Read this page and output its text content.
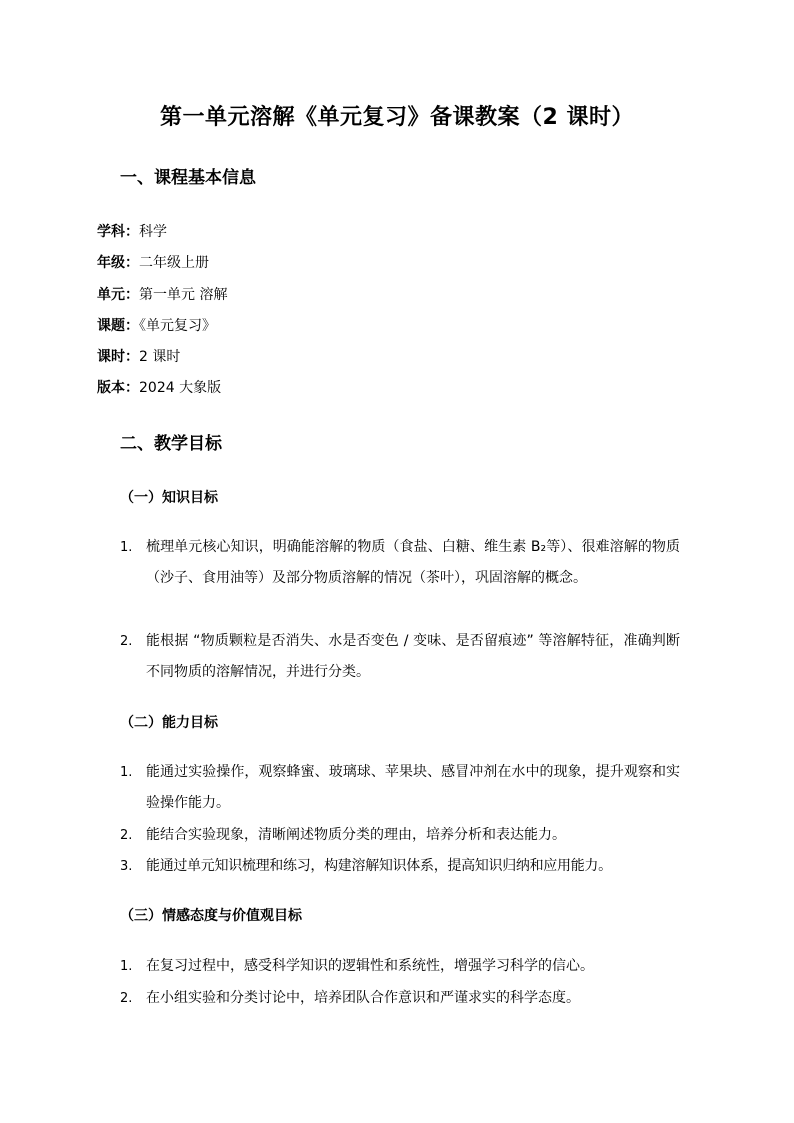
第一单元溶解《单元复习》备课教案（2 课时）
一、课程基本信息
学科：科学
年级：二年级上册
单元：第一单元 溶解
课题：《单元复习》
课时：2 课时
版本：2024 大象版
二、教学目标
（一）知识目标
1. 梳理单元核心知识，明确能溶解的物质（食盐、白糖、维生素 B₂等）、很难溶解的物质（沙子、食用油等）及部分物质溶解的情况（茶叶），巩固溶解的概念。
2. 能根据 “物质颗粒是否消失、水是否变色 / 变味、是否留痕迹” 等溶解特征，准确判断不同物质的溶解情况，并进行分类。
（二）能力目标
1. 能通过实验操作，观察蜂蜜、玻璃球、苹果块、感冒冲剂在水中的现象，提升观察和实验操作能力。
2. 能结合实验现象，清晰阐述物质分类的理由，培养分析和表达能力。
3. 能通过单元知识梳理和练习，构建溶解知识体系，提高知识归纳和应用能力。
（三）情感态度与价值观目标
1. 在复习过程中，感受科学知识的逻辑性和系统性，增强学习科学的信心。
2. 在小组实验和分类讨论中，培养团队合作意识和严谨求实的科学态度。
